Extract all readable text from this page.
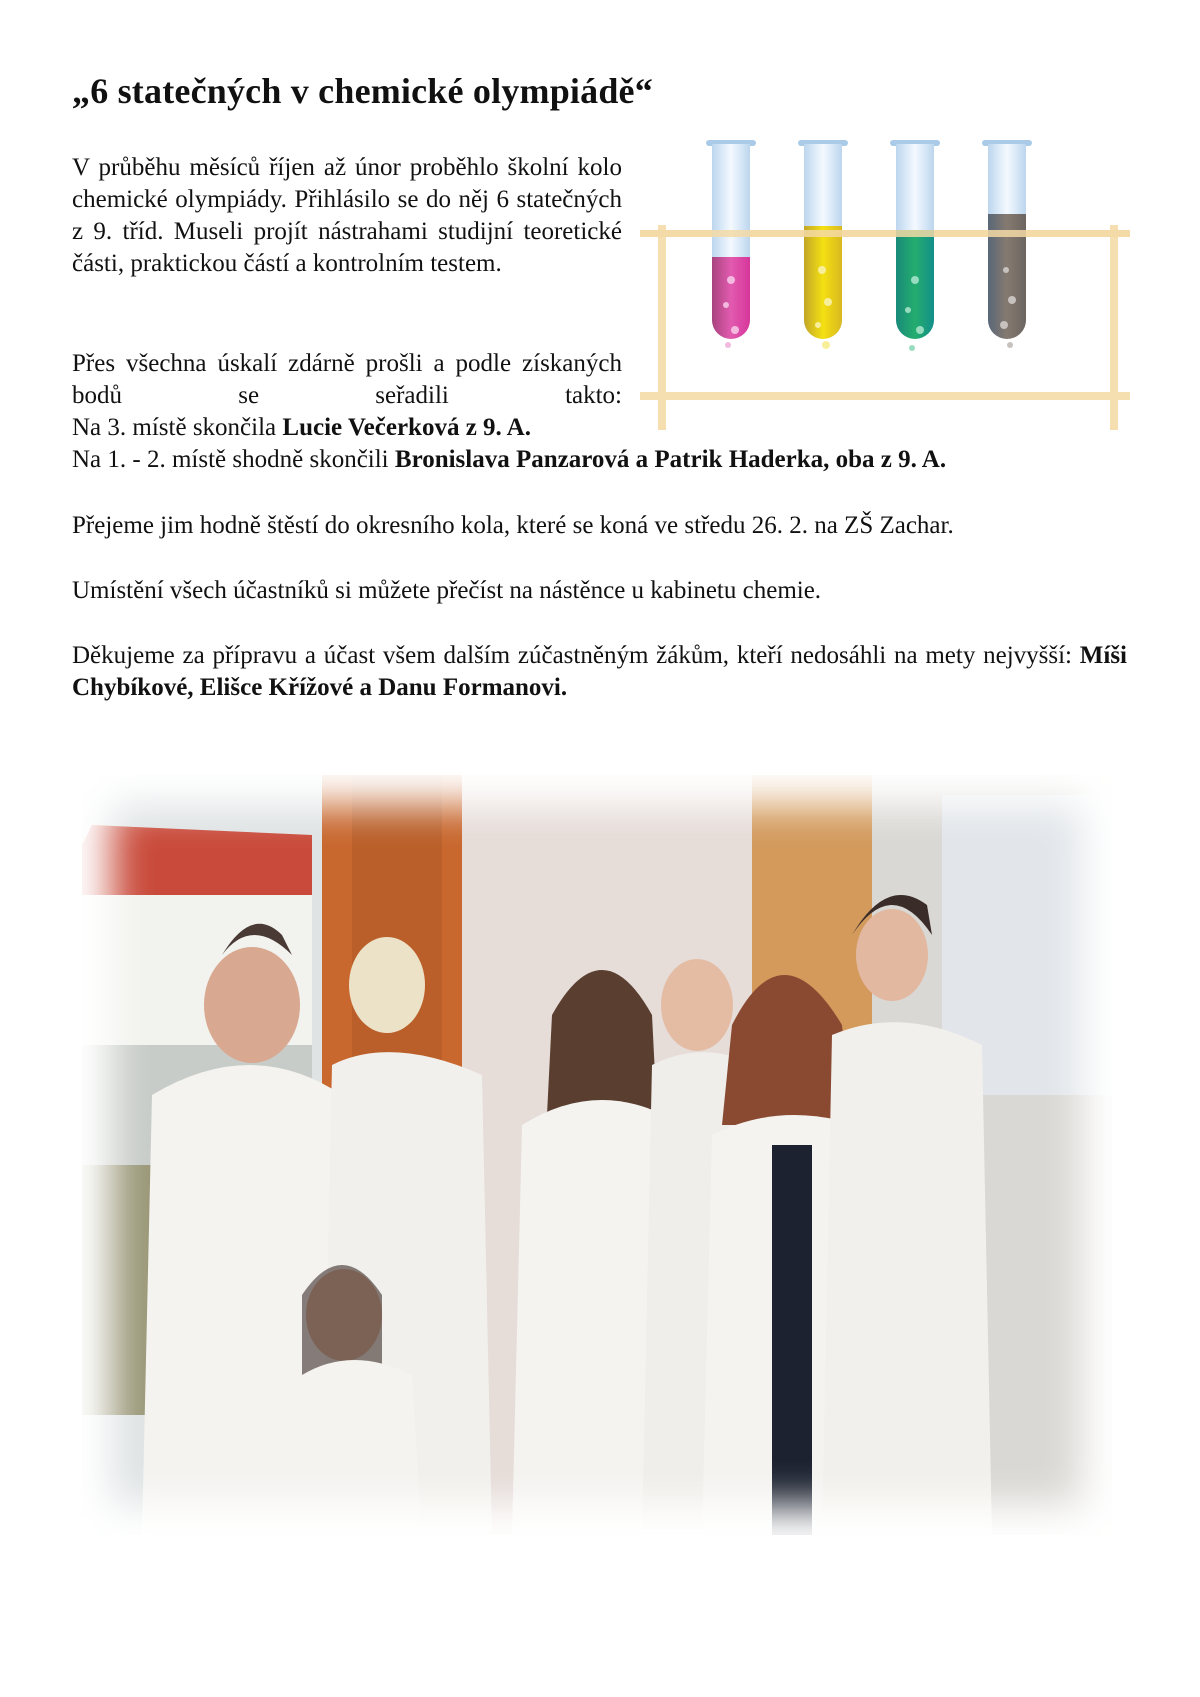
„6 statečných v chemické olympiádě“

V průběhu měsíců říjen až únor proběhlo školní kolo chemické olympiády. Přihlásilo se do něj 6 statečných z 9. tříd. Museli projít nástrahami studijní teoretické části, praktickou částí a kontrolním testem.

Přes všechna úskalí zdárně prošli a podle získaných bodů se seřadili takto:
Na 3. místě skončila Lucie Večerková z 9. A.
Na 1. - 2. místě shodně skončili Bronislava Panzarová a Patrik Haderka, oba z 9. A.

Přejeme jim hodně štěstí do okresního kola, které se koná ve středu 26. 2. na ZŠ Zachar.

Umístění všech účastníků si můžete přečíst na nástěnce u kabinetu chemie.

Děkujeme za přípravu a účast všem dalším zúčastněným žákům, kteří nedosáhli na mety nejvyšší: Míši Chybíkové, Elišce Křížové a Danu Formanovi.
